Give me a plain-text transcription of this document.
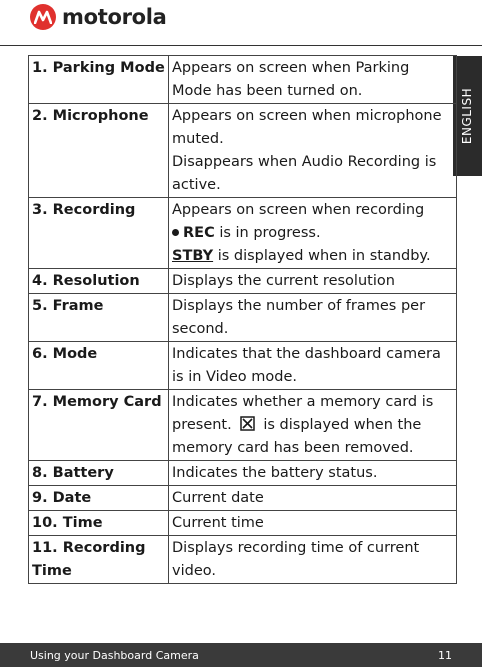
motorola
ENGLISH
1. Parking Mode	Appears on screen when Parking Mode has been turned on.
2. Microphone	Appears on screen when microphone muted.
Disappears when Audio Recording is active.

3. Recording	Appears on screen when recording
REC is in progress.
STBY is displayed when in standby.
4. Resolution	Displays the current resolution
5. Frame	Displays the number of frames per second.
6. Mode	Indicates that the dashboard camera is in Video mode.
7. Memory Card	Indicates whether a memory card is present. is displayed when the memory card has been removed.
8. Battery	Indicates the battery status.
9. Date	Current date
10. Time	Current time
11. Recording Time	Displays recording time of current video.
Using your Dashboard Camera	11
